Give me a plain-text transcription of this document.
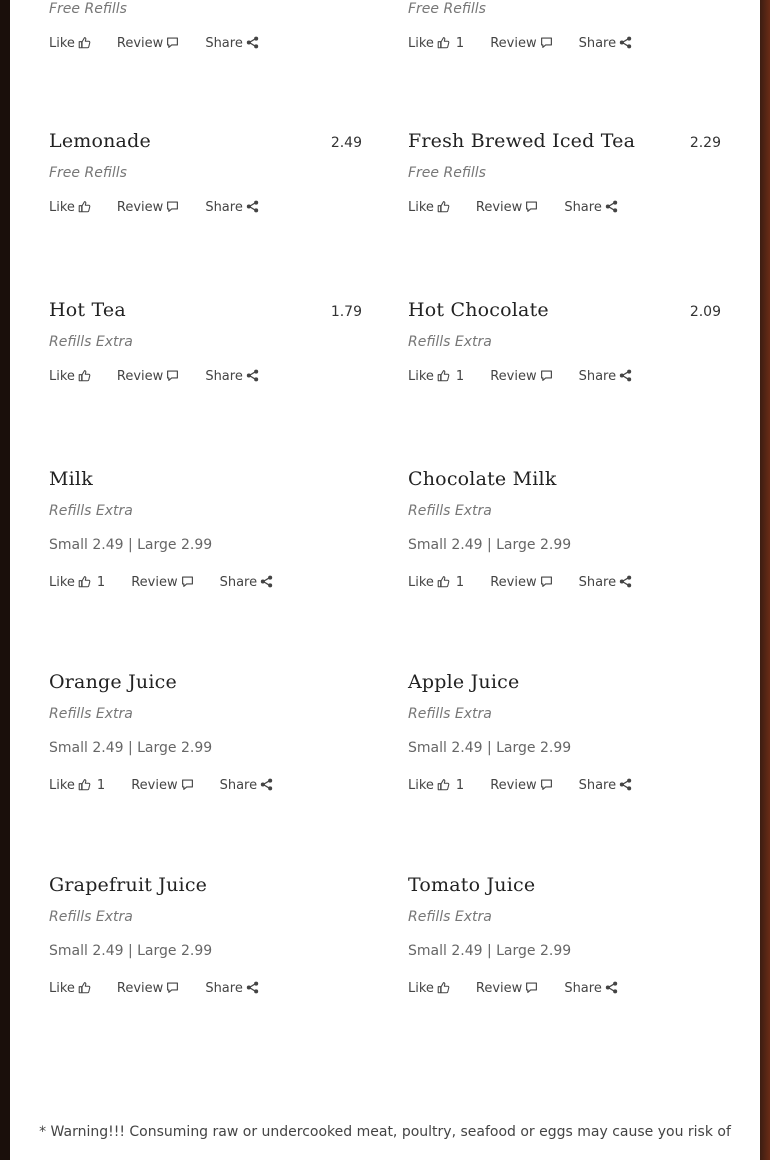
Free Refills
Like	Review	Share
Free Refills
Like 1 Review	Share
Lemonade	2.49
Free Refills
Like	Review	Share
Fresh Brewed Iced Tea	2.29
Free Refills
Like	Review	Share
Hot Tea	1.79
Refills Extra
Like	Review	Share
Hot Chocolate	2.09
Refills Extra
Like 1 Review	Share
Milk
Refills Extra
Small 2.49 | Large 2.99
Like 1 Review	Share
Chocolate Milk
Refills Extra
Small 2.49 | Large 2.99
Like 1 Review	Share
Orange Juice
Refills Extra
Small 2.49 | Large 2.99
Like 1 Review	Share
Apple Juice
Refills Extra
Small 2.49 | Large 2.99
Like 1 Review	Share
Grapefruit Juice
Refills Extra
Small 2.49 | Large 2.99
Like	Review	Share
Tomato Juice
Refills Extra
Small 2.49 | Large 2.99
Like	Review	Share
* Warning!!! Consuming raw or undercooked meat, poultry, seafood or eggs may cause you risk of
